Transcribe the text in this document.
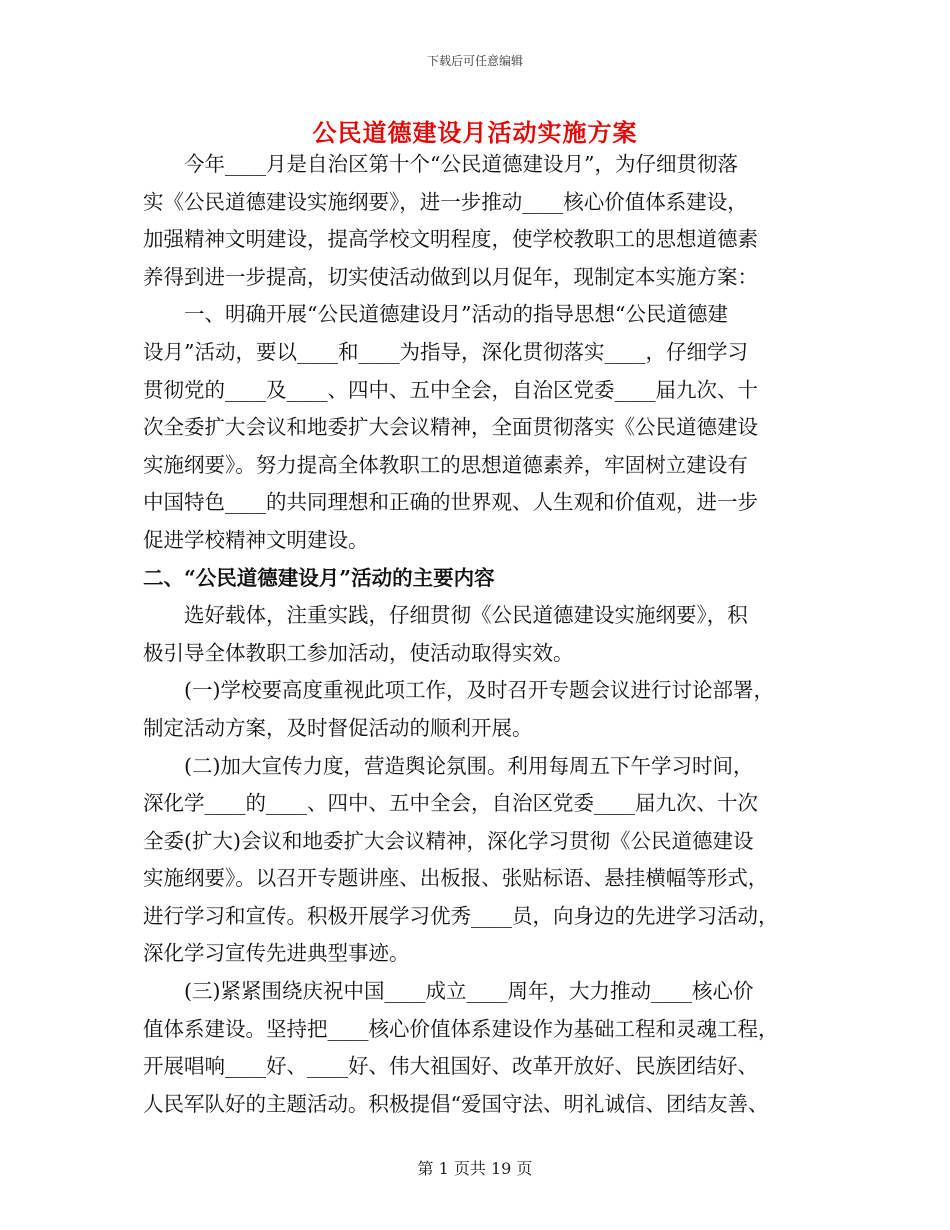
下载后可任意编辑
公民道德建设月活动实施方案
　　今年____月是自治区第十个“公民道德建设月”，为仔细贯彻落
实《公民道德建设实施纲要》，进一步推动____核心价值体系建设，
加强精神文明建设，提高学校文明程度，使学校教职工的思想道德素
养得到进一步提高，切实使活动做到以月促年，现制定本实施方案：
　　一、明确开展“公民道德建设月”活动的指导思想“公民道德建
设月”活动，要以____和____为指导，深化贯彻落实____，仔细学习
贯彻党的____及____、四中、五中全会，自治区党委____届九次、十
次全委扩大会议和地委扩大会议精神，全面贯彻落实《公民道德建设
实施纲要》。努力提高全体教职工的思想道德素养，牢固树立建设有
中国特色____的共同理想和正确的世界观、人生观和价值观，进一步
促进学校精神文明建设。
二、“公民道德建设月”活动的主要内容
　　选好载体，注重实践，仔细贯彻《公民道德建设实施纲要》，积
极引导全体教职工参加活动，使活动取得实效。
　　(一)学校要高度重视此项工作，及时召开专题会议进行讨论部署，
制定活动方案，及时督促活动的顺利开展。
　　(二)加大宣传力度，营造舆论氛围。利用每周五下午学习时间，
深化学____的____、四中、五中全会，自治区党委____届九次、十次
全委(扩大)会议和地委扩大会议精神，深化学习贯彻《公民道德建设
实施纲要》。以召开专题讲座、出板报、张贴标语、悬挂横幅等形式，
进行学习和宣传。积极开展学习优秀____员，向身边的先进学习活动，
深化学习宣传先进典型事迹。
　　(三)紧紧围绕庆祝中国____成立____周年，大力推动____核心价
值体系建设。坚持把____核心价值体系建设作为基础工程和灵魂工程，
开展唱响____好、____好、伟大祖国好、改革开放好、民族团结好、
人民军队好的主题活动。积极提倡“爱国守法、明礼诚信、团结友善、
第 1 页共 19 页
